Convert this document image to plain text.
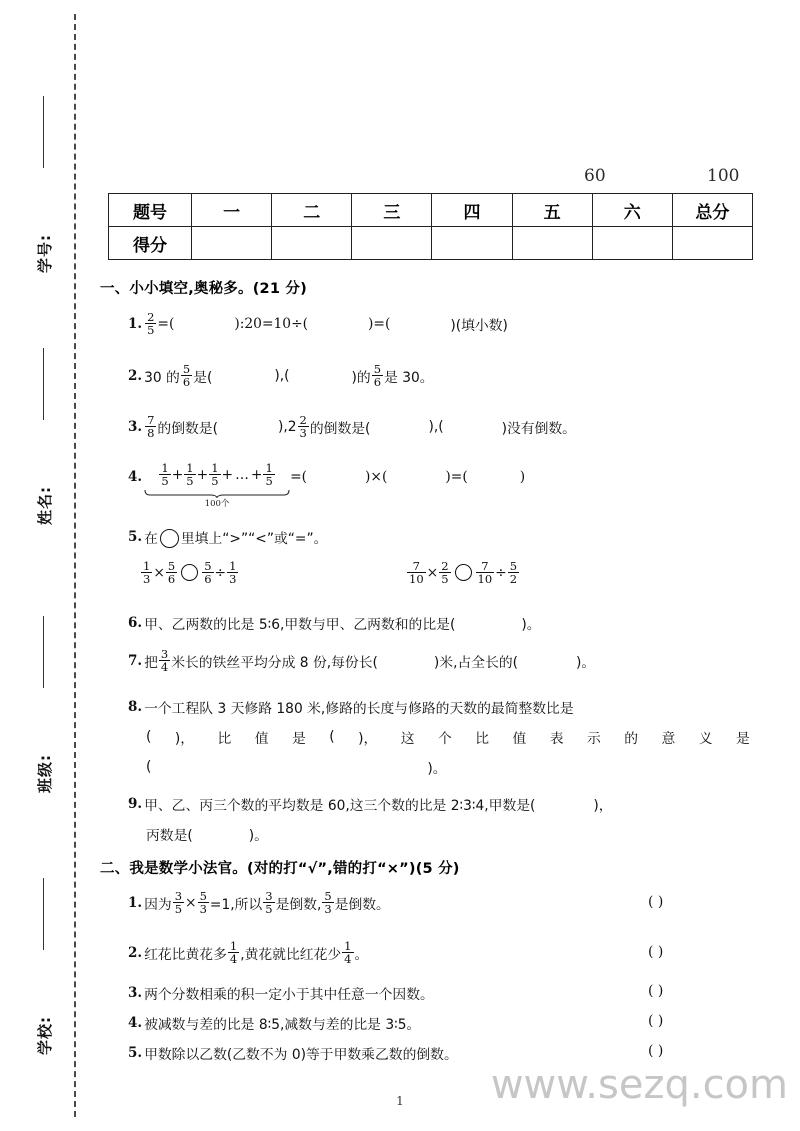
学号:
姓名:
班级:
学校:
60	100
题号	一	二	三	四	五	六	总分
得分							
一、小小填空,奥秘多。(21 分)
1. $\frac{2}{5}$ =(	):20=10÷(	)=(	)(填小数)
2. 30 的 $\frac{5}{6}$ 是(	),(	)的 $\frac{5}{6}$ 是 30。
3. $\frac{7}{8}$ 的倒数是(	)$,2 \frac{2}{3}$ 的倒数是(	),(	)没有倒数。
4. $\frac{1}{5} + \frac{1}{5} + \frac{1}{5}$ + … + $\frac{1}{5}$
100个
=(	)×(	)=(	)
5. 在 里填上“>”“<”或“=”。
$\frac{1}{3} \times \frac{5}{6} \frac{5}{6} \div \frac{1}{3}$	$\frac{7}{10} \times \frac{2}{5} \frac{7}{10} \div \frac{5}{2}$
6. 甲、乙两数的比是 5∶6,甲数与甲、乙两数和的比是(	)。
7. 把 $\frac{3}{4}$ 米长的铁丝平均分成 8 份,每份长(	)米,占全长的(	)。
8. 一个工程队 3 天修路 180 米,修路的长度与修路的天数的最简整数比是
( )， 比 值 是 ( )， 这 个 比 值 表 示 的 意 义 是
(	)。
9. 甲、乙、丙三个数的平均数是 60,这三个数的比是 2∶3∶4,甲数是(	)，
丙数是(	)。
二、我是数学小法官。(对的打“√”,错的打“×”)(5 分)
1. 因为 $\frac{3}{5} \times \frac{5}{3} =1$,所以 $\frac{3}{5}$ 是倒数, $\frac{5}{3}$ 是倒数。	( )
2. 红花比黄花多 $\frac{1}{4}$ ,黄花就比红花少 $\frac{1}{4}$ 。	( )
3. 两个分数相乘的积一定小于其中任意一个因数。	( )
4. 被减数与差的比是 8∶5,减数与差的比是 3∶5。	( )
5. 甲数除以乙数(乙数不为 0)等于甲数乘乙数的倒数。	( )
www.sezq.com
1
